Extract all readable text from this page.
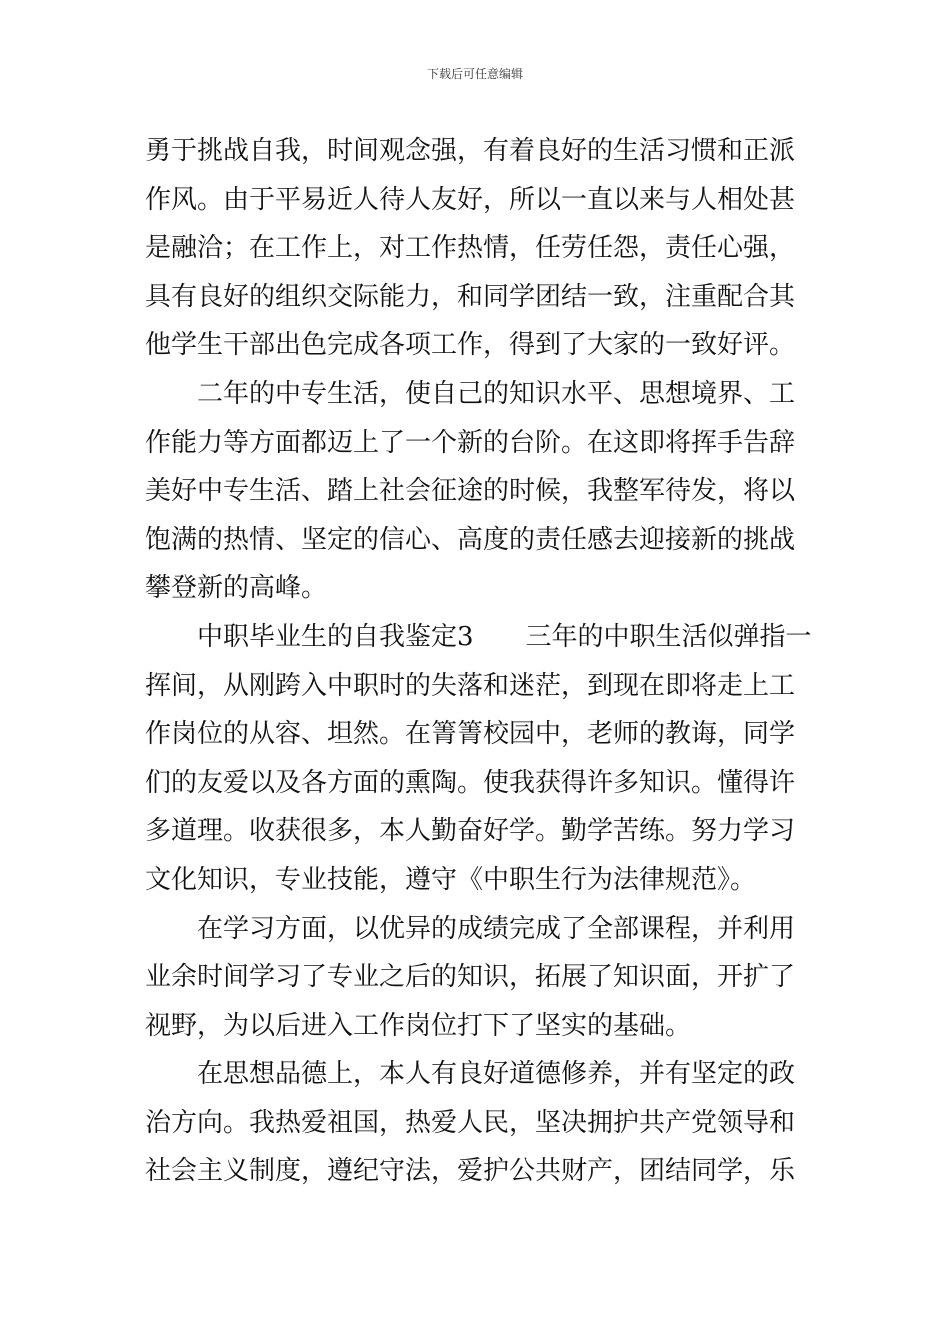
下载后可任意编辑
勇于挑战自我，时间观念强，有着良好的生活习惯和正派
作风。由于平易近人待人友好，所以一直以来与人相处甚
是融洽；在工作上，对工作热情，任劳任怨，责任心强，
具有良好的组织交际能力，和同学团结一致，注重配合其
他学生干部出色完成各项工作，得到了大家的一致好评。
二年的中专生活，使自己的知识水平、思想境界、工
作能力等方面都迈上了一个新的台阶。在这即将挥手告辞
美好中专生活、踏上社会征途的时候，我整军待发，将以
饱满的热情、坚定的信心、高度的责任感去迎接新的挑战
攀登新的高峰。
中职毕业生的自我鉴定3 三年的中职生活似弹指一
挥间，从刚跨入中职时的失落和迷茫，到现在即将走上工
作岗位的从容、坦然。在箐箐校园中，老师的教诲，同学
们的友爱以及各方面的熏陶。使我获得许多知识。懂得许
多道理。收获很多，本人勤奋好学。勤学苦练。努力学习
文化知识，专业技能，遵守《中职生行为法律规范》。
在学习方面，以优异的成绩完成了全部课程，并利用
业余时间学习了专业之后的知识，拓展了知识面，开扩了
视野，为以后进入工作岗位打下了坚实的基础。
在思想品德上，本人有良好道德修养，并有坚定的政
治方向。我热爱祖国，热爱人民，坚决拥护共产党领导和
社会主义制度，遵纪守法，爱护公共财产，团结同学，乐
